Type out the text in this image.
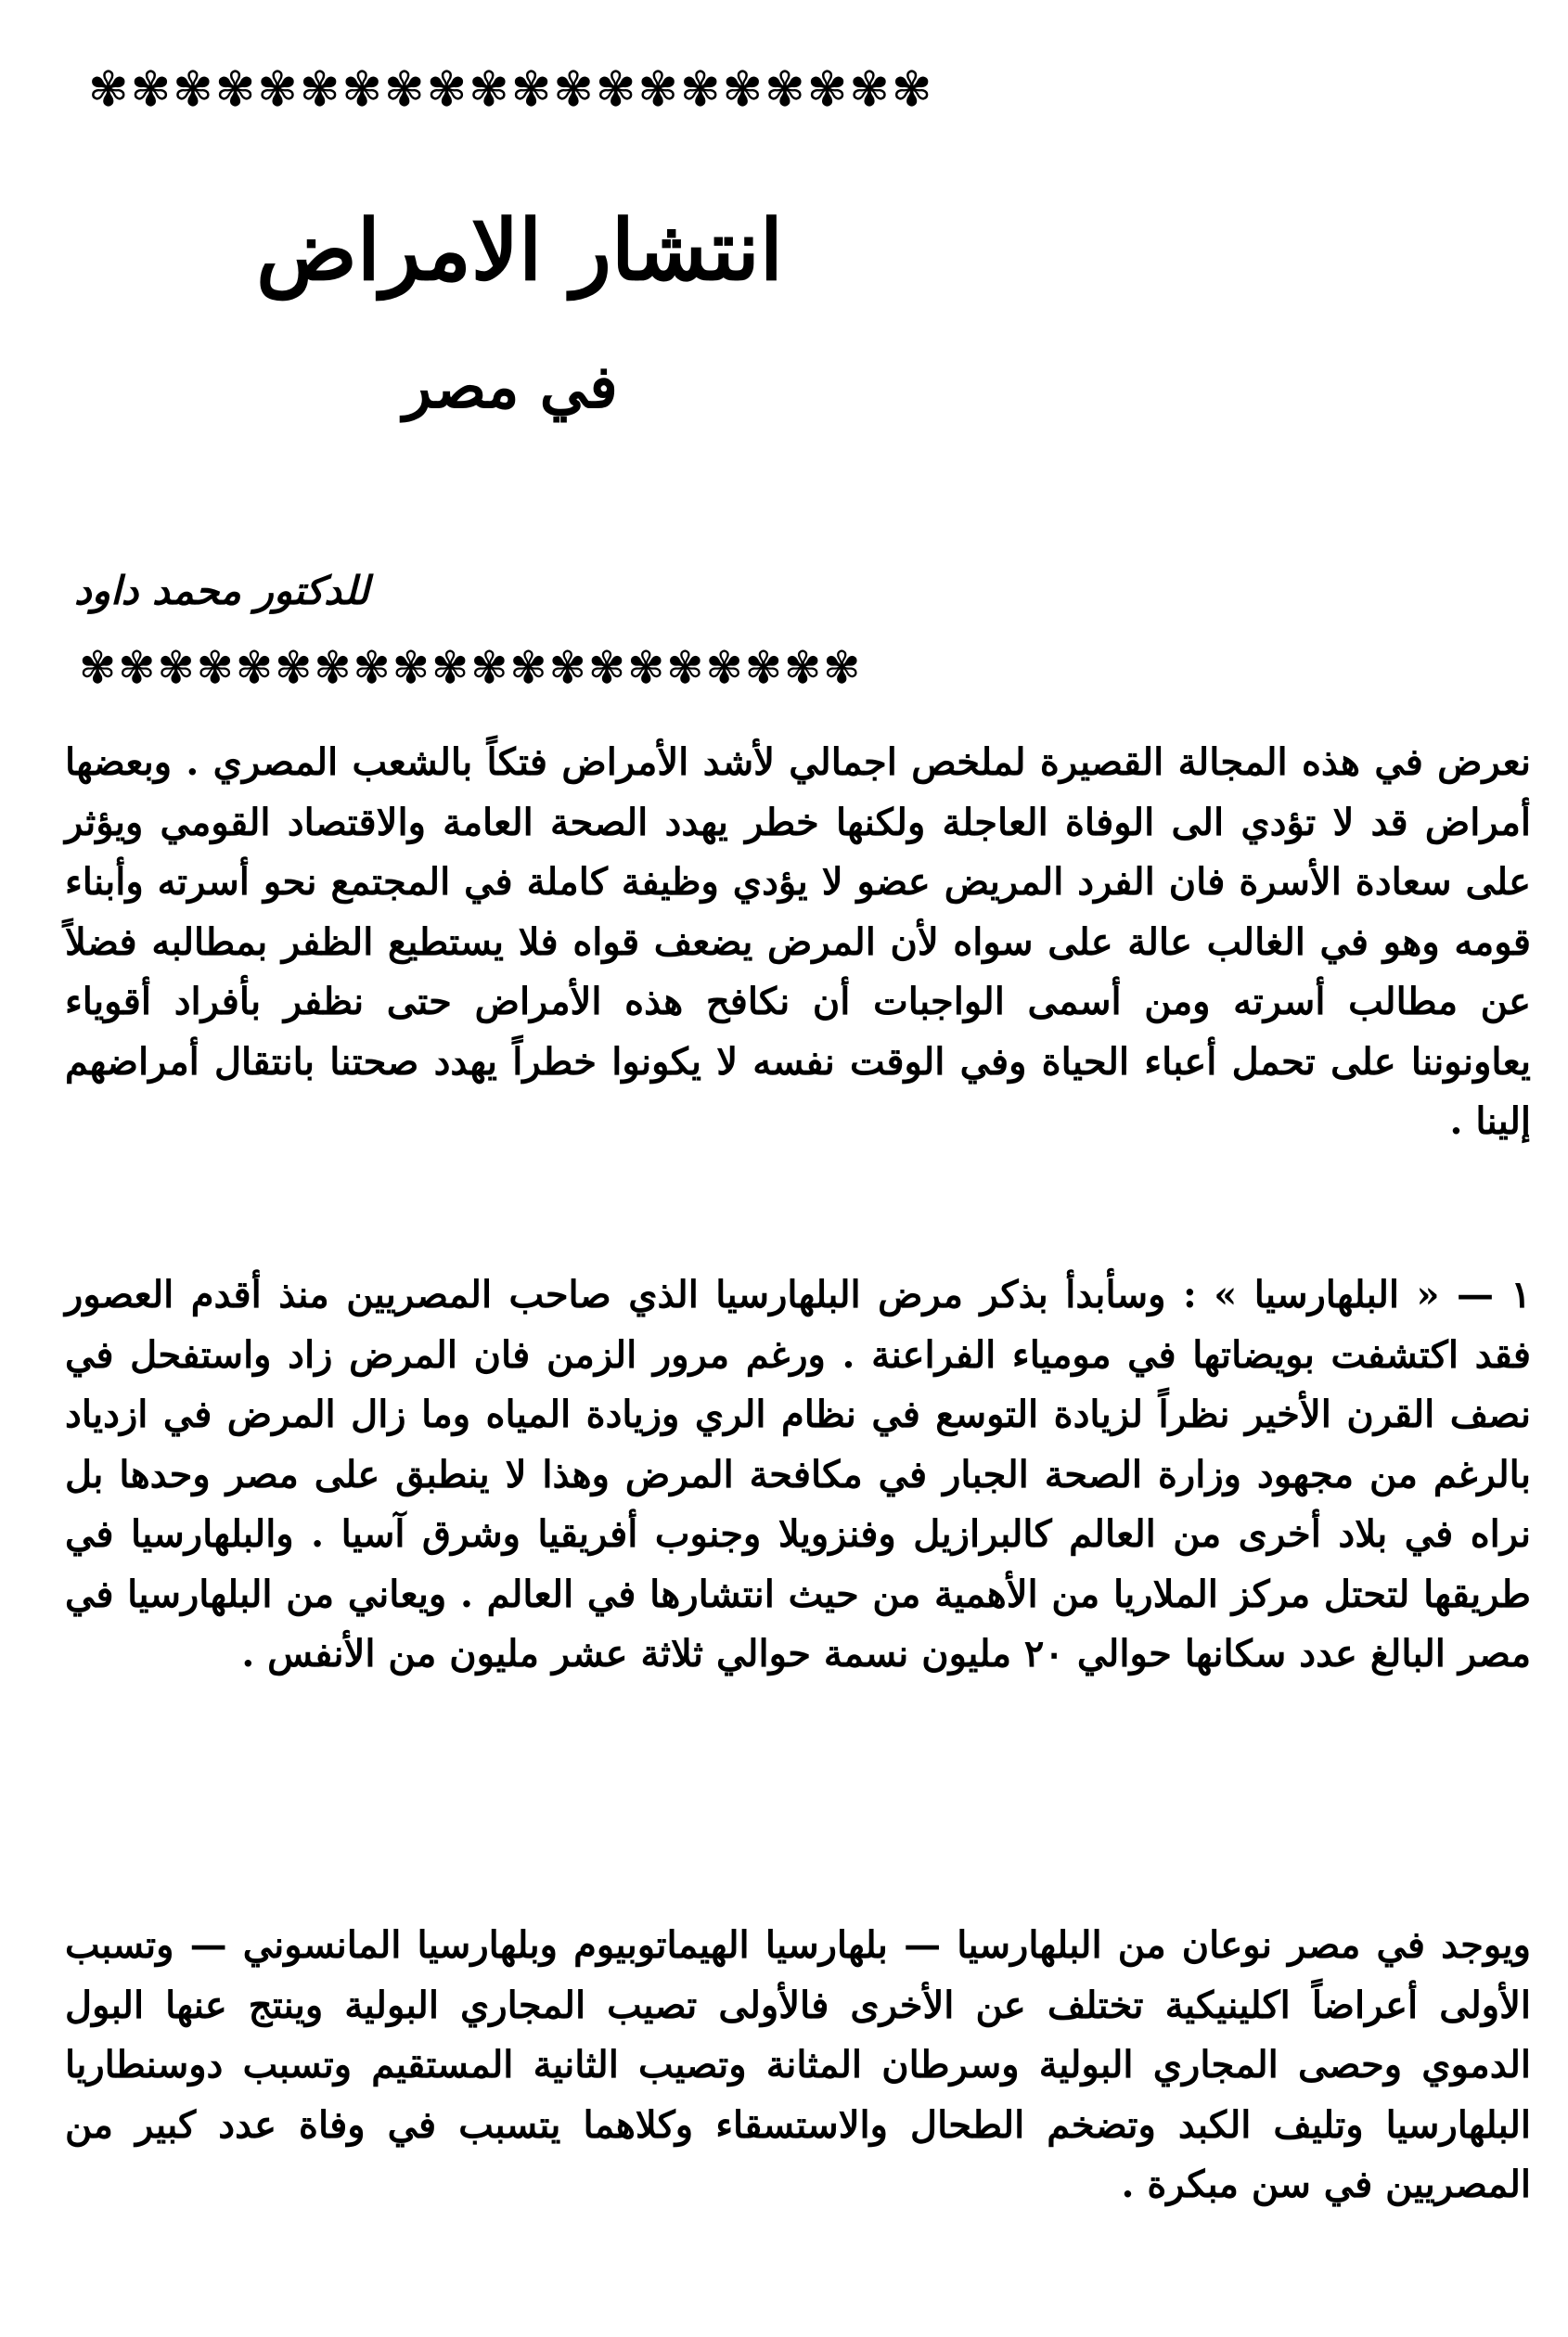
✾✾✾✾✾✾✾✾✾✾✾✾✾✾✾✾✾✾✾✾
انتشار الامراض
في مصر
للدكتور محمد داود
✾✾✾✾✾✾✾✾✾✾✾✾✾✾✾✾✾✾✾✾

نعرض في هذه المجالة القصيرة لملخص اجمالي لأشد الأمراض فتكاً بالشعب المصري . وبعضها أمراض قد لا تؤدي الى الوفاة العاجلة ولكنها خطر يهدد الصحة العامة والاقتصاد القومي ويؤثر على سعادة الأسرة فان الفرد المريض عضو لا يؤدي وظيفة كاملة في المجتمع نحو أسرته وأبناء قومه وهو في الغالب عالة على سواه لأن المرض يضعف قواه فلا يستطيع الظفر بمطالبه فضلاً عن مطالب أسرته ومن أسمى الواجبات أن نكافح هذه الأمراض حتى نظفر بأفراد أقوياء يعاونوننا على تحمل أعباء الحياة وفي الوقت نفسه لا يكونوا خطراً يهدد صحتنا بانتقال أمراضهم إلينا .

١ — « البلهارسيا » : وسأبدأ بذكر مرض البلهارسيا الذي صاحب المصريين منذ أقدم العصور فقد اكتشفت بويضاتها في مومياء الفراعنة . ورغم مرور الزمن فان المرض زاد واستفحل في نصف القرن الأخير نظراً لزيادة التوسع في نظام الري وزيادة المياه وما زال المرض في ازدياد بالرغم من مجهود وزارة الصحة الجبار في مكافحة المرض وهذا لا ينطبق على مصر وحدها بل نراه في بلاد أخرى من العالم كالبرازيل وفنزويلا وجنوب أفريقيا وشرق آسيا . والبلهارسيا في طريقها لتحتل مركز الملاريا من الأهمية من حيث انتشارها في العالم . ويعاني من البلهارسيا في مصر البالغ عدد سكانها حوالي ٢٠ مليون نسمة حوالي ثلاثة عشر مليون من الأنفس .

ويوجد في مصر نوعان من البلهارسيا — بلهارسيا الهيماتوبيوم وبلهارسيا المانسوني — وتسبب الأولى أعراضاً اكلينيكية تختلف عن الأخرى فالأولى تصيب المجاري البولية وينتج عنها البول الدموي وحصى المجاري البولية وسرطان المثانة وتصيب الثانية المستقيم وتسبب دوسنطاريا البلهارسيا وتليف الكبد وتضخم الطحال والاستسقاء وكلاهما يتسبب في وفاة عدد كبير من المصريين في سن مبكرة .
